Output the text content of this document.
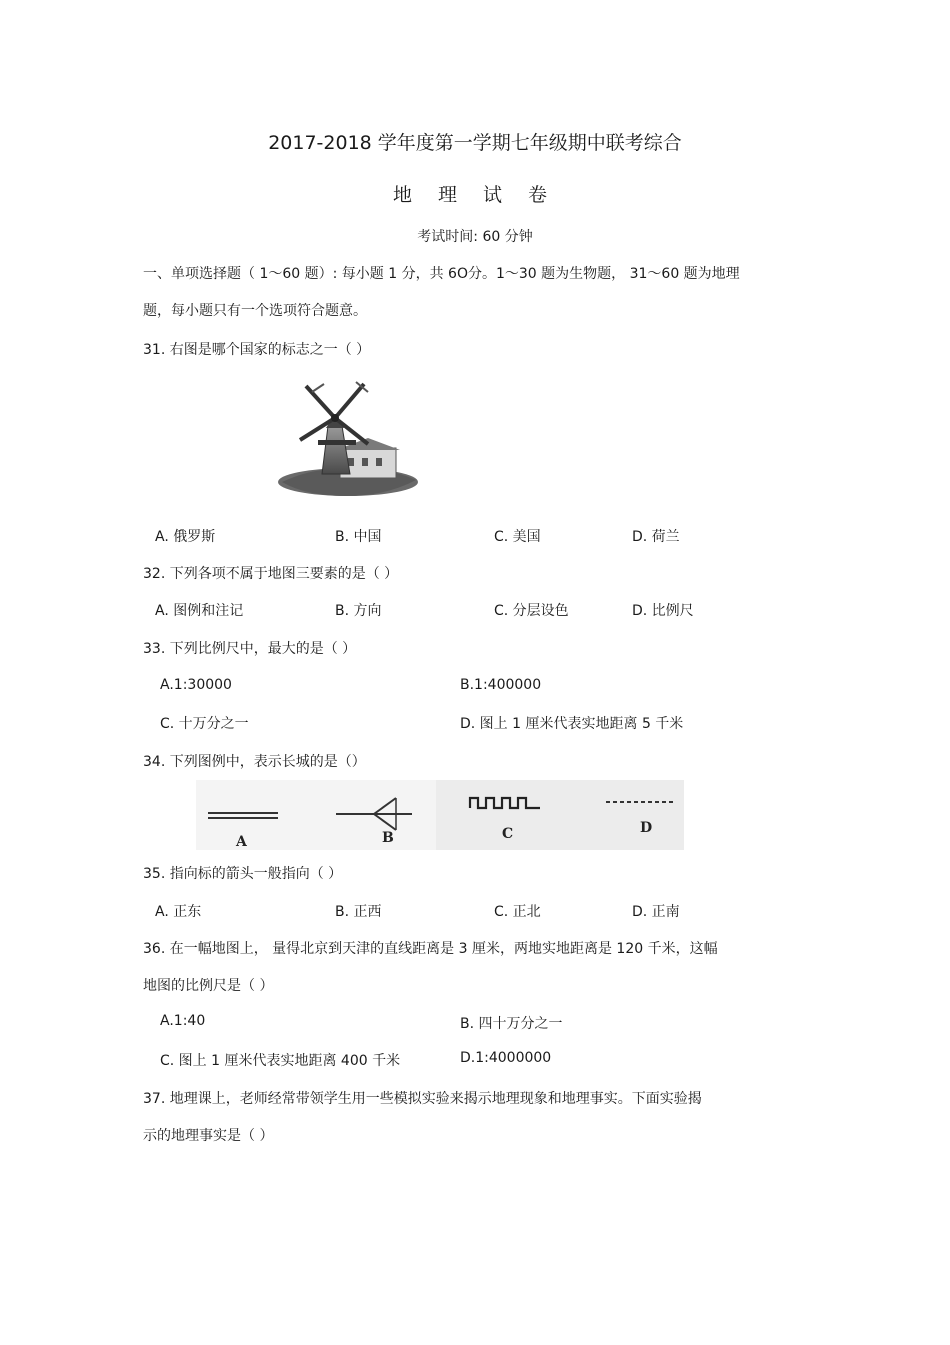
2017-2018 学年度第一学期七年级期中联考综合
地 理 试 卷
考试时间: 60 分钟
一、单项选择题（ 1～60 题）: 每小题 1 分，共 6O分。1～30 题为生物题， 31～60 题为地理
题，每小题只有一个选项符合题意。
31. 右图是哪个国家的标志之一（ ）
A. 俄罗斯	B. 中国	C. 美国	D. 荷兰
32. 下列各项不属于地图三要素的是（ ）
A. 图例和注记	B. 方向	C. 分层设色	D. 比例尺
33. 下列比例尺中，最大的是（ ）
A.1:30000	B.1:400000
C. 十万分之一	D. 图上 1 厘米代表实地距离 5 千米
34. 下列图例中，表示长城的是（）
A	B	C	D
35. 指向标的箭头一般指向（ ）
A. 正东	B. 正西	C. 正北	D. 正南
36. 在一幅地图上， 量得北京到天津的直线距离是 3 厘米，两地实地距离是 120 千米，这幅
地图的比例尺是（ ）
A.1:40	B. 四十万分之一
C. 图上 1 厘米代表实地距离 400 千米	D.1:4000000
37. 地理课上，老师经常带领学生用一些模拟实验来揭示地理现象和地理事实。下面实验揭
示的地理事实是（ ）
